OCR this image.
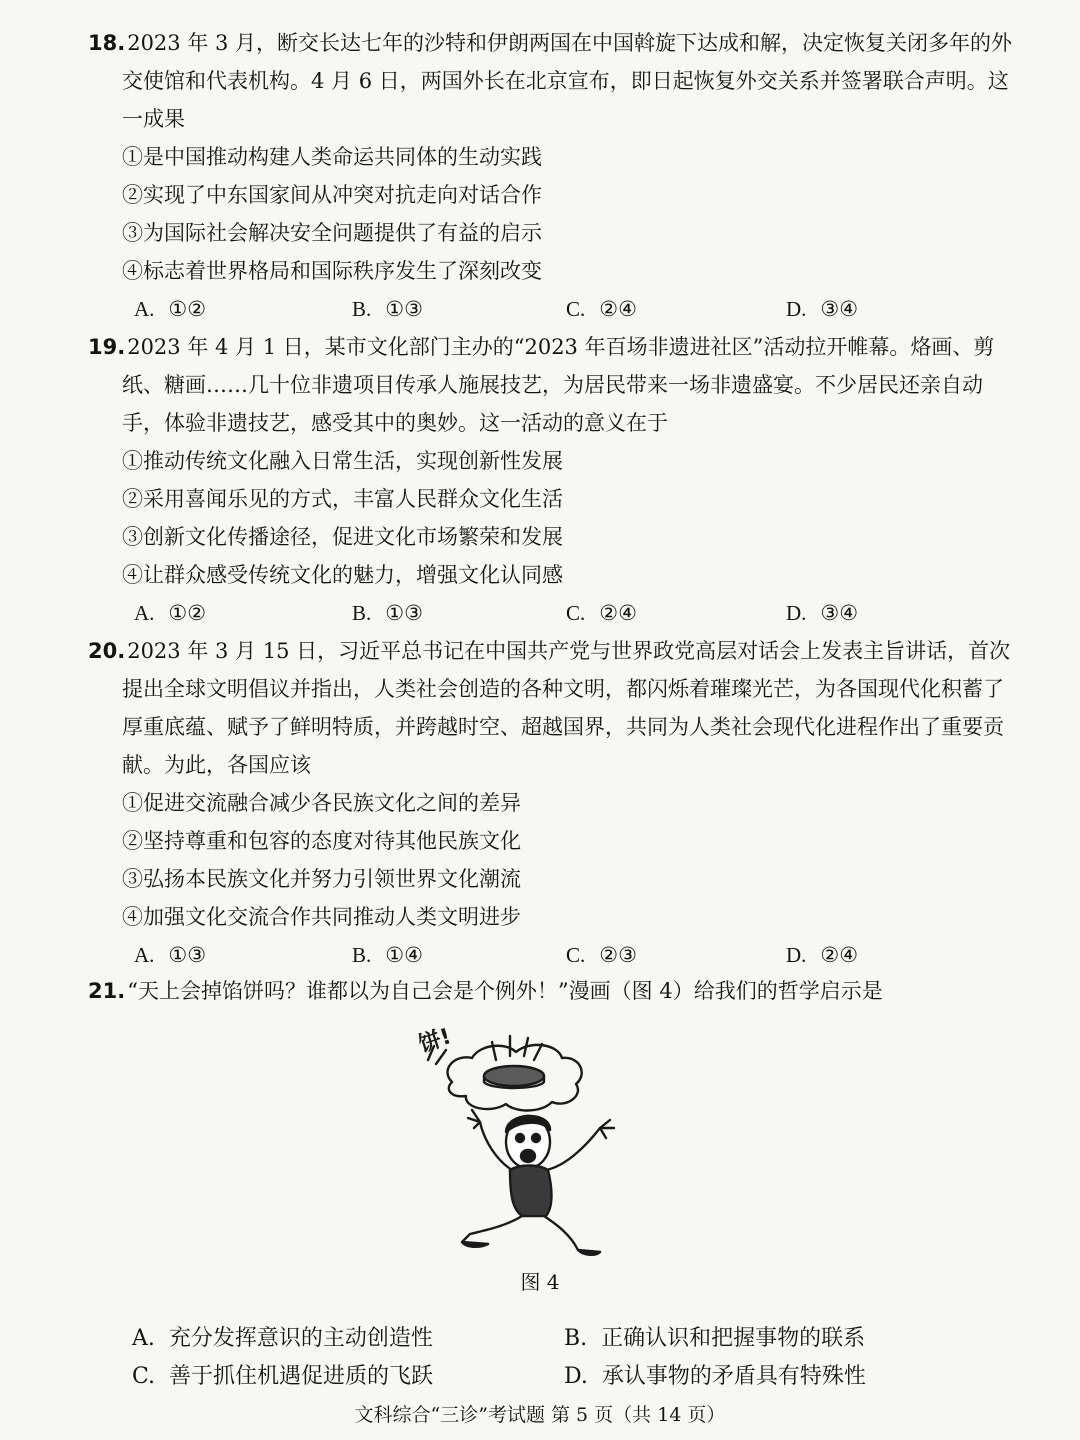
18.2023 年 3 月，断交长达七年的沙特和伊朗两国在中国斡旋下达成和解，决定恢复关闭多年的外交使馆和代表机构。4 月 6 日，两国外长在北京宣布，即日起恢复外交关系并签署联合声明。这一成果

①是中国推动构建人类命运共同体的生动实践

②实现了中东国家间从冲突对抗走向对话合作

③为国际社会解决安全问题提供了有益的启示

④标志着世界格局和国际秩序发生了深刻改变

A. ①②	B. ①③	C. ②④	D. ③④

19.2023 年 4 月 1 日，某市文化部门主办的“2023 年百场非遗进社区”活动拉开帷幕。烙画、剪纸、糖画……几十位非遗项目传承人施展技艺，为居民带来一场非遗盛宴。不少居民还亲自动手，体验非遗技艺，感受其中的奥妙。这一活动的意义在于

①推动传统文化融入日常生活，实现创新性发展

②采用喜闻乐见的方式，丰富人民群众文化生活

③创新文化传播途径，促进文化市场繁荣和发展

④让群众感受传统文化的魅力，增强文化认同感

A. ①②	B. ①③	C. ②④	D. ③④

20.2023 年 3 月 15 日，习近平总书记在中国共产党与世界政党高层对话会上发表主旨讲话，首次提出全球文明倡议并指出，人类社会创造的各种文明，都闪烁着璀璨光芒，为各国现代化积蓄了厚重底蕴、赋予了鲜明特质，并跨越时空、超越国界，共同为人类社会现代化进程作出了重要贡献。为此，各国应该

①促进交流融合减少各民族文化之间的差异

②坚持尊重和包容的态度对待其他民族文化

③弘扬本民族文化并努力引领世界文化潮流

④加强文化交流合作共同推动人类文明进步

A. ①③	B. ①④	C. ②③	D. ②④

21.“天上会掉馅饼吗？谁都以为自己会是个例外！”漫画（图 4）给我们的哲学启示是

饼!
图 4
A. 充分发挥意识的主动创造性	B. 正确认识和把握事物的联系
C. 善于抓住机遇促进质的飞跃	D. 承认事物的矛盾具有特殊性
文科综合“三诊”考试题 第 5 页（共 14 页）
